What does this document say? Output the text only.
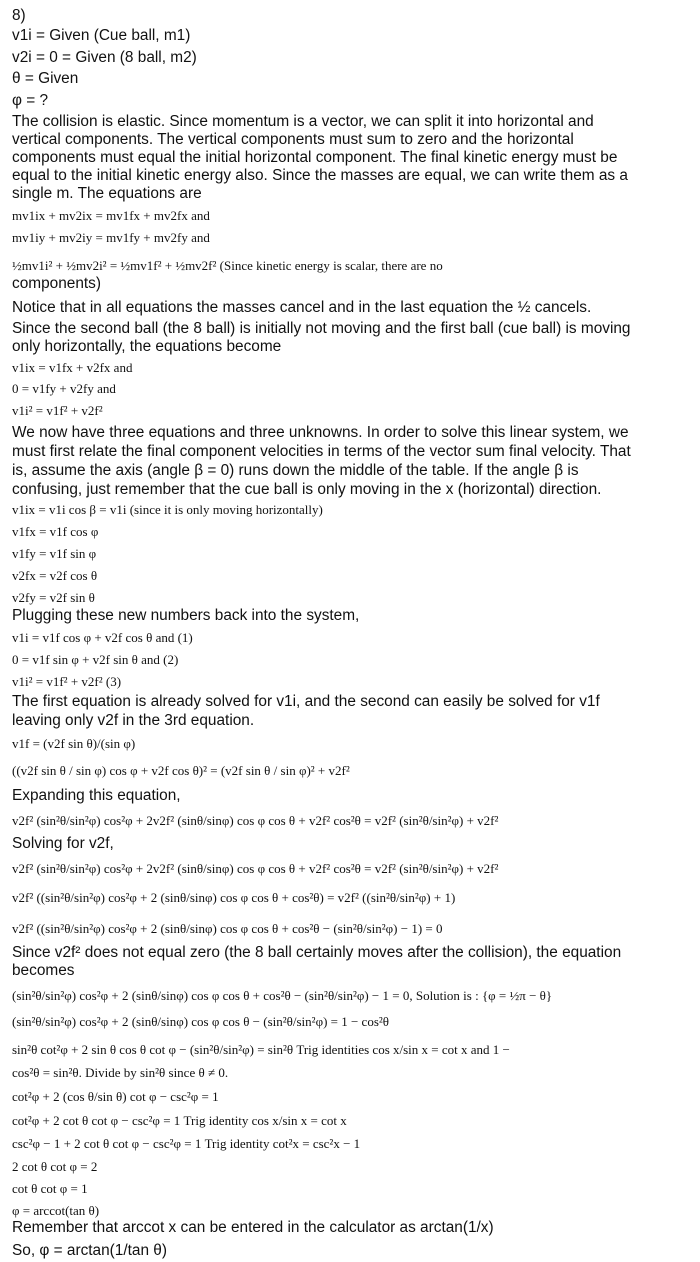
8)
v1i = Given (Cue ball, m1)
v2i = 0 = Given (8 ball, m2)
θ = Given
φ = ?
The collision is elastic. Since momentum is a vector, we can split it into horizontal and
vertical components. The vertical components must sum to zero and the horizontal
components must equal the initial horizontal component. The final kinetic energy must be
equal to the initial kinetic energy also. Since the masses are equal, we can write them as a
single m. The equations are
mv1ix + mv2ix = mv1fx + mv2fx and
mv1iy + mv2iy = mv1fy + mv2fy and
½mv1i² + ½mv2i² = ½mv1f² + ½mv2f² (Since kinetic energy is scalar, there are no
components)
Notice that in all equations the masses cancel and in the last equation the ½ cancels.
Since the second ball (the 8 ball) is initially not moving and the first ball (cue ball) is moving
only horizontally, the equations become
v1ix = v1fx + v2fx and
0 = v1fy + v2fy and
v1i² = v1f² + v2f²
We now have three equations and three unknowns. In order to solve this linear system, we
must first relate the final component velocities in terms of the vector sum final velocity. That
is, assume the axis (angle β = 0) runs down the middle of the table. If the angle β is
confusing, just remember that the cue ball is only moving in the x (horizontal) direction.
v1ix = v1i cos β = v1i (since it is only moving horizontally)
v1fx = v1f cos φ
v1fy = v1f sin φ
v2fx = v2f cos θ
v2fy = v2f sin θ
Plugging these new numbers back into the system,
v1i = v1f cos φ + v2f cos θ and (1)
0 = v1f sin φ + v2f sin θ and (2)
v1i² = v1f² + v2f² (3)
The first equation is already solved for v1i, and the second can easily be solved for v1f
leaving only v2f in the 3rd equation.
v1f = (v2f sin θ)/(sin φ)
((v2f sin θ / sin φ) cos φ + v2f cos θ)² = (v2f sin θ / sin φ)² + v2f²
Expanding this equation,
v2f² (sin²θ/sin²φ) cos²φ + 2v2f² (sinθ/sinφ) cos φ cos θ + v2f² cos²θ = v2f² (sin²θ/sin²φ) + v2f²
Solving for v2f,
v2f² (sin²θ/sin²φ) cos²φ + 2v2f² (sinθ/sinφ) cos φ cos θ + v2f² cos²θ = v2f² (sin²θ/sin²φ) + v2f²
v2f² ((sin²θ/sin²φ) cos²φ + 2 (sinθ/sinφ) cos φ cos θ + cos²θ) = v2f² ((sin²θ/sin²φ) + 1)
v2f² ((sin²θ/sin²φ) cos²φ + 2 (sinθ/sinφ) cos φ cos θ + cos²θ − (sin²θ/sin²φ) − 1) = 0
Since v2f² does not equal zero (the 8 ball certainly moves after the collision), the equation
becomes
(sin²θ/sin²φ) cos²φ + 2 (sinθ/sinφ) cos φ cos θ + cos²θ − (sin²θ/sin²φ) − 1 = 0, Solution is : {φ = ½π − θ}
(sin²θ/sin²φ) cos²φ + 2 (sinθ/sinφ) cos φ cos θ − (sin²θ/sin²φ) = 1 − cos²θ
sin²θ cot²φ + 2 sin θ cos θ cot φ − (sin²θ/sin²φ) = sin²θ Trig identities cos x/sin x = cot x and 1 −
cos²θ = sin²θ. Divide by sin²θ since θ ≠ 0.
cot²φ + 2 (cos θ/sin θ) cot φ − csc²φ = 1
cot²φ + 2 cot θ cot φ − csc²φ = 1 Trig identity cos x/sin x = cot x
csc²φ − 1 + 2 cot θ cot φ − csc²φ = 1 Trig identity cot²x = csc²x − 1
2 cot θ cot φ = 2
cot θ cot φ = 1
φ = arccot(tan θ)
Remember that arccot x can be entered in the calculator as arctan(1/x)
So, φ = arctan(1/tan θ)
